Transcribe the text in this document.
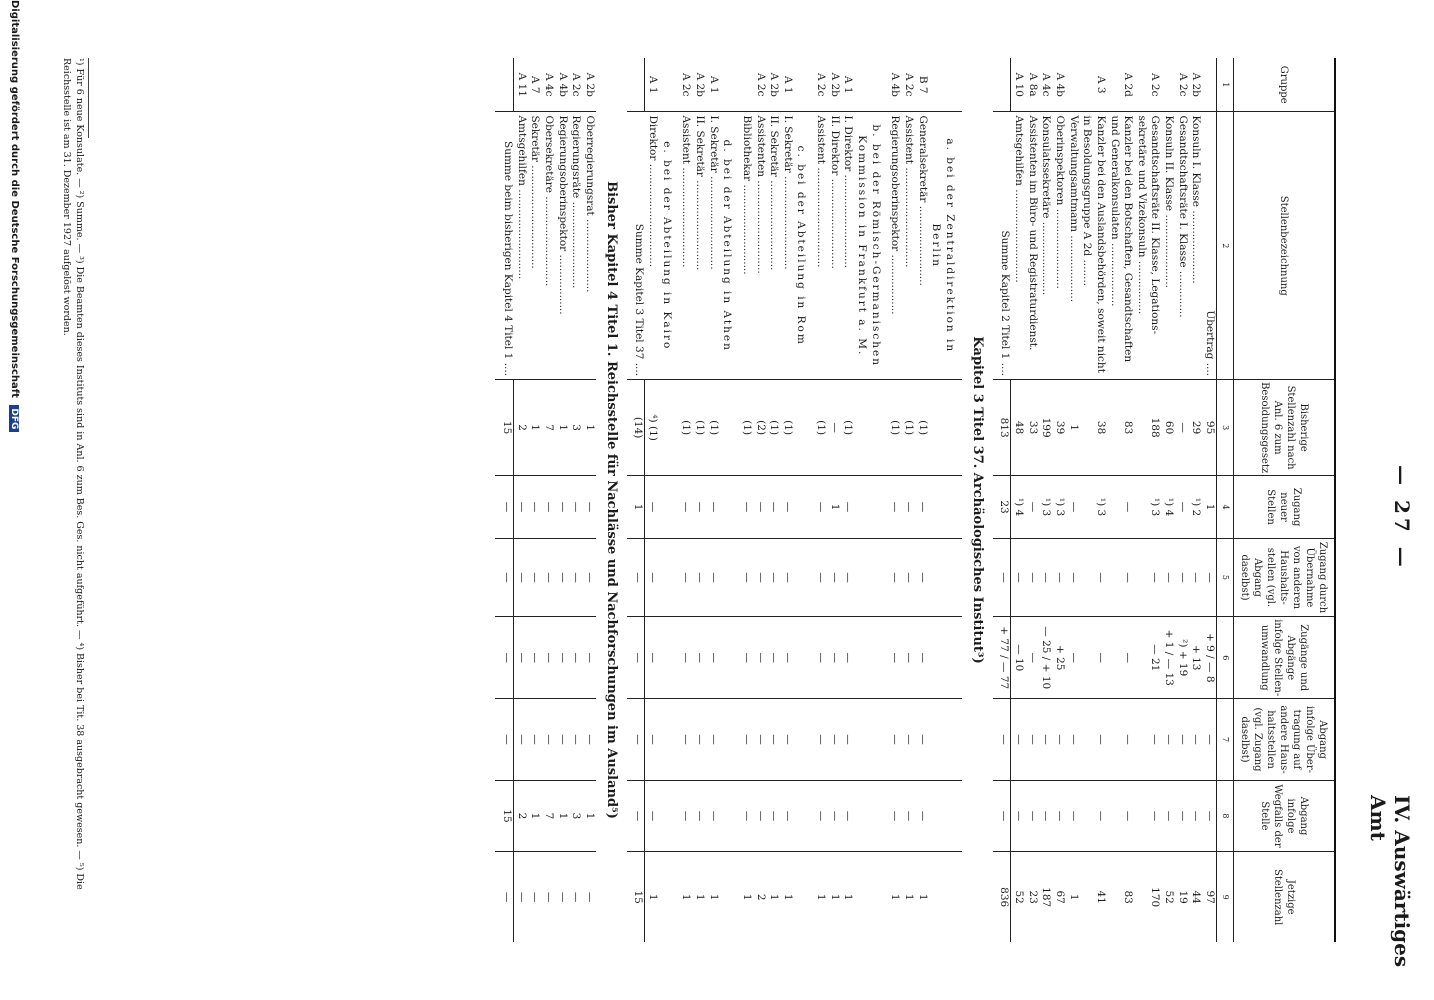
— 27 —
IV. Auswärtiges Amt
Gruppe	Stellenbezeichnung	Bisherige Stellenzahl nach Anl. 6 zum Besoldungsgesetz	Zugang neuer Stellen	Zugang durch Übernahme von anderen Haushalts- stellen (vgl. Abgang daselbst)	Zugänge und Abgänge infolge Stellen- umwandlung	Abgang infolge Über- tragung auf andere Haus- haltsstellen (vgl. Zugang daselbst)	Abgang infolge Wegfalls der Stelle	Jetzige Stellenzahl
1	2	3	4	5	6	7	8	9
	Übertrag ....	95	1	—	+ 9 / — 8	—	—	97
A 2b	Konsuln I. Klasse ......................	29	¹) 2	—	+ 13	—	—	44
A 2c	Gesandtschaftsräte I. Klasse ..............	—	—	—	²) + 19	—	—	19
	Konsuln II. Klasse ......................	60	¹) 4	—	+ 1 / — 13	—	—	52
A 2c	Gesandtschaftsräte II. Klasse, Legations- sekretäre und Vizekonsuln ................	188	¹) 3	—	— 21	—	—	170
A 2d	Kanzler bei den Botschaften, Gesandtschaften und Generalkonsulaten ...................	83	—	—	—	—	—	83
A 3	Kanzler bei den Auslandsbehörden, soweit nicht in Besoldungsgruppe A 2d ........	38	¹) 3	—	—	—	—	41
	Verwaltungsamtmann ....................	1	—	—	—	—	—	1
A 4b	Oberinspektoren ........................	39	¹) 3	—	+ 25	—	—	67
A 4c	Konsulatssekretäre ......................	199	¹) 3	—	— 25 / + 10	—	—	187
A 8a	Assistenten im Büro- und Registraturdienst.	33	—	—	—	—	—	23
A 10	Amtsgehilfen ............................	48	¹) 4	—	— 10	—	—	52
	Summe Kapitel 2 Titel 1 ....	813	23	—	+ 77 / — 77	—	—	836
Kapitel 3 Titel 37. Archäologisches Institut³)								
	a. bei der Zentraldirektion in Berlin							
B 7	Generalsekretär ........................	(1)	—	—	—	—	—	1
A 2c	Assistent ..............................	(1)	—	—	—	—	—	1
A 4b	Regierungsoberinspektor ..................	(1)	—	—	—	—	—	1
	b. bei der Römisch-Germanischen Kommission in Frankfurt a. M.							
A 1	I. Direktor ............................	(1)	—	—	—	—	—	1
A 2b	II. Direktor ...........................	—	1	—	—	—	—	1
A 2c	Assistent ..............................	(1)	—	—	—	—	—	1
	c. bei der Abteilung in Rom							
A 1	I. Sekretär ............................	(1)	—	—	—	—	—	1
A 2b	II. Sekretär ...........................	(1)	—	—	—	—	—	1
A 2c	Assistenten ............................	(2)	—	—	—	—	—	2
	Bibliothekar ...........................	(1)	—	—	—	—	—	1
	d. bei der Abteilung in Athen							
A 1	I. Sekretär ............................	(1)	—	—	—	—	—	1
A 2b	II. Sekretär ...........................	(1)	—	—	—	—	—	1
A 2c	Assistent ..............................	(1)	—	—	—	—	—	1
	e. bei der Abteilung in Kairo							
A 1	Direktor ...............................	⁴) (1)	—	—	—	—	—	1
	Summe Kapitel 3 Titel 37 ....	(14)	1	—	—	—	—	15
Bisher Kapitel 4 Titel 1. Reichsstelle für Nachlässe und Nachforschungen im Ausland⁵)								
A 2b	Oberregierungsrat ......................	1	—	—	—	—	1	—
A 2c	Regierungsräte ..........................	3	—	—	—	—	3	—
A 4b	Regierungsoberinspektor ..................	1	—	—	—	—	1	—
A 4c	Obersekretäre ...........................	7	—	—	—	—	7	—
A 7	Sekretär ...............................	1	—	—	—	—	1	—
A 11	Amtsgehilfen ...........................	2	—	—	—	—	2	—
	Summe beim bisherigen Kapitel 4 Titel 1 ....	15	—	—	—	—	15	—
¹) Für 6 neue Konsulate. — ²) Summe. — ³) Die Beamten dieses Instituts sind in Anl. 6 zum Bes. Ges. nicht aufgeführt. — ⁴) Bisher bei Tit. 38 ausgebracht gewesen. — ⁵) Die
Reichsstelle ist am 31. Dezember 1927 aufgelöst worden.
Digitalisierung gefördert durch die Deutsche Forschungsgemeinschaft DFG
